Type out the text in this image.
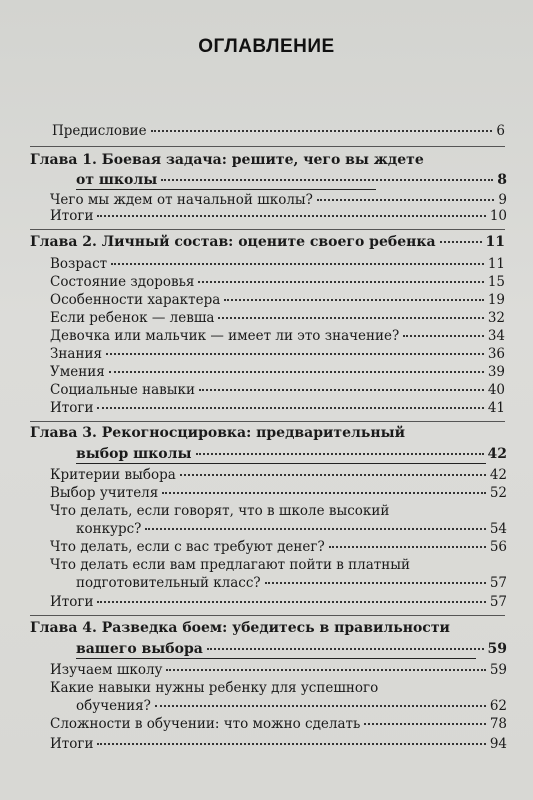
ОГЛАВЛЕНИЕ
Предисловие	6
Глава 1. Боевая задача: решите, чего вы ждете
от школы	8
Чего мы ждем от начальной школы?	9
Итоги	10
Глава 2. Личный состав: оцените своего ребенка	11
Возраст	11
Состояние здоровья	15
Особенности характера	19
Если ребенок — левша	32
Девочка или мальчик — имеет ли это значение?	34
Знания	36
Умения	39
Социальные навыки	40
Итоги	41
Глава 3. Рекогносцировка: предварительный
выбор школы	42
Критерии выбора	42
Выбор учителя	52
Что делать, если говорят, что в школе высокий
конкурс?	54
Что делать, если с вас требуют денег?	56
Что делать если вам предлагают пойти в платный
подготовительный класс?	57
Итоги	57
Глава 4. Разведка боем: убедитесь в правильности
вашего выбора	59
Изучаем школу	59
Какие навыки нужны ребенку для успешного
обучения?	62
Сложности в обучении: что можно сделать	78
Итоги	94
